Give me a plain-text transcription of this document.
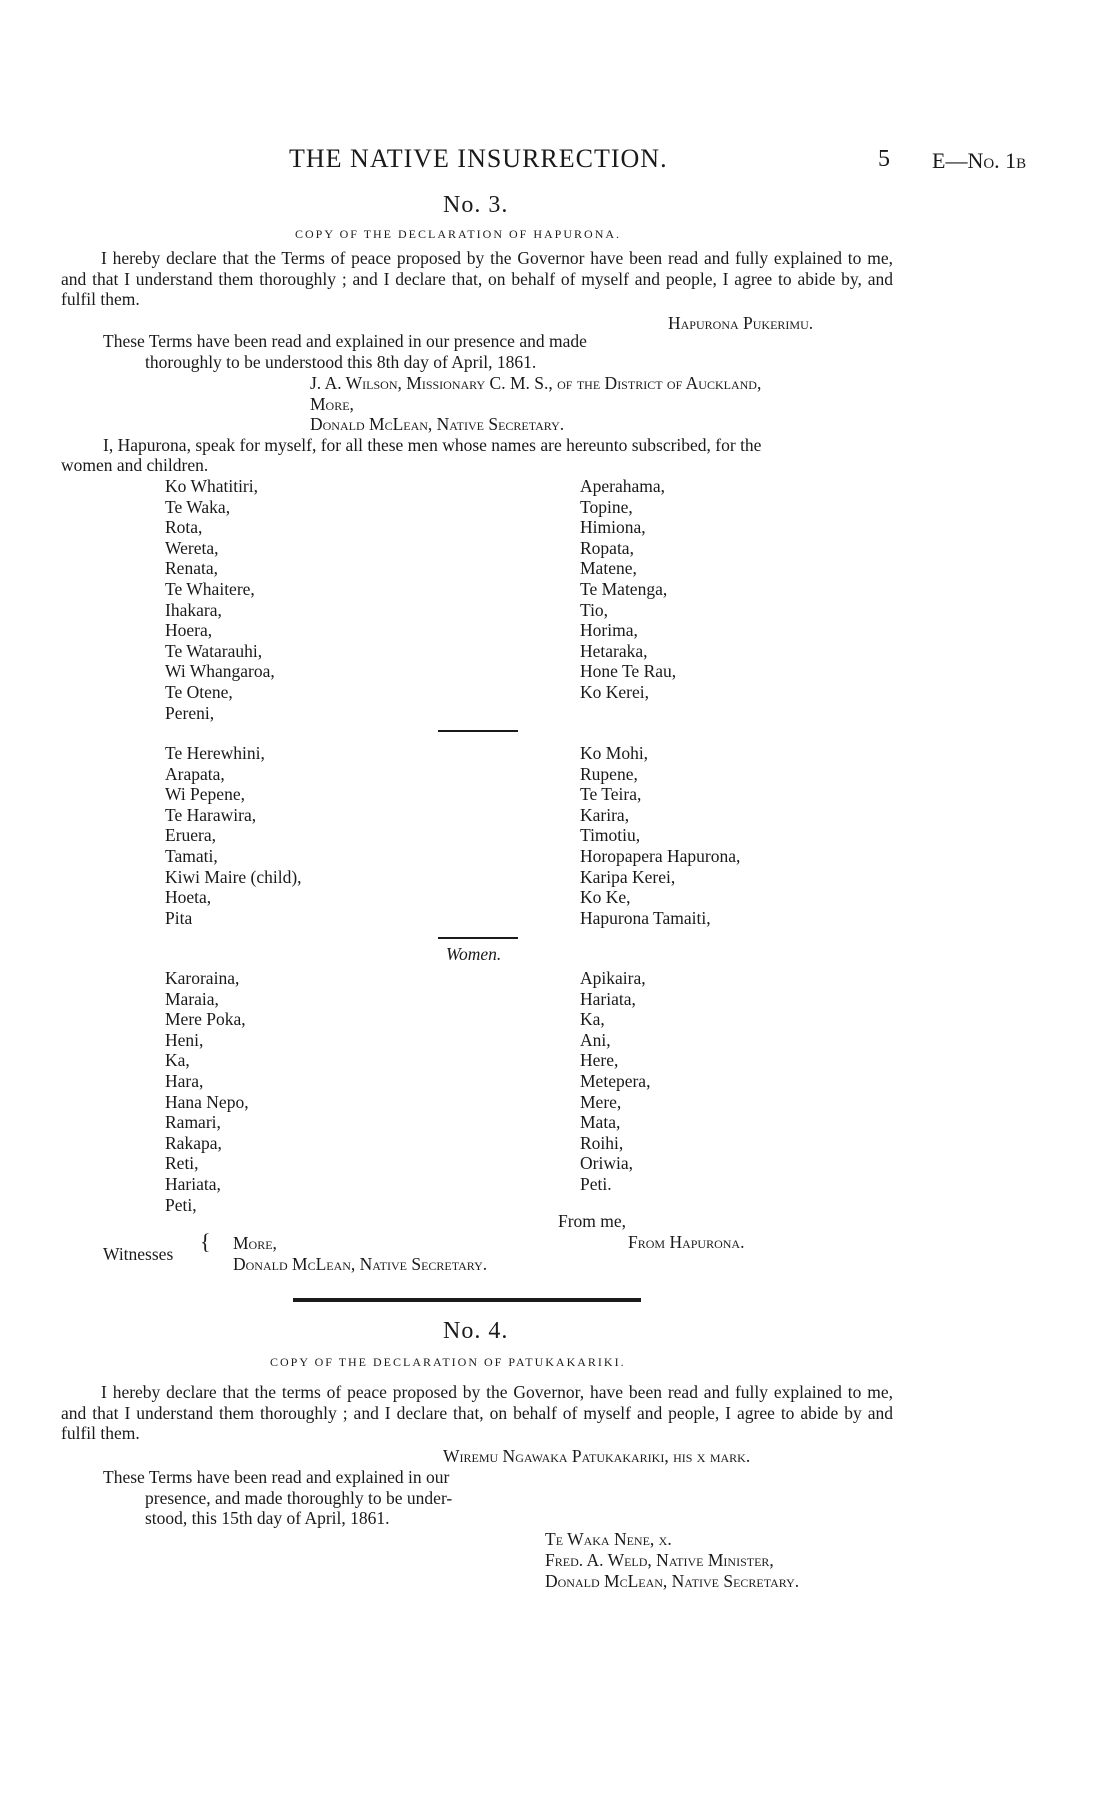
THE NATIVE INSURRECTION.	5 E—No. 1b
No. 3.
COPY OF THE DECLARATION OF HAPURONA.
I hereby declare that the Terms of peace proposed by the Governor have been read and fully explained to me, and that I understand them thoroughly ; and I declare that, on behalf of myself and people, I agree to abide by, and fulfil them.
Hapurona Pukerimu.
These Terms have been read and explained in our presence and made
thoroughly to be understood this 8th day of April, 1861.
J. A. Wilson, Missionary C. M. S., of the District of Auckland,
More,
Donald McLean, Native Secretary.
I, Hapurona, speak for myself, for all these men whose names are hereunto subscribed, for the
women and children.
Ko Whatitiri,
Te Waka,
Rota,
Wereta,
Renata,
Te Whaitere,
Ihakara,
Hoera,
Te Watarauhi,
Wi Whangaroa,
Te Otene,
Pereni,
Aperahama,
Topine,
Himiona,
Ropata,
Matene,
Te Matenga,
Tio,
Horima,
Hetaraka,
Hone Te Rau,
Ko Kerei,
Te Herewhini,
Arapata,
Wi Pepene,
Te Harawira,
Eruera,
Tamati,
Kiwi Maire (child),
Hoeta,
Pita
Ko Mohi,
Rupene,
Te Teira,
Karira,
Timotiu,
Horopapera Hapurona,
Karipa Kerei,
Ko Ke,
Hapurona Tamaiti,
Women.
Karoraina,
Maraia,
Mere Poka,
Heni,
Ka,
Hara,
Hana Nepo,
Ramari,
Rakapa,
Reti,
Hariata,
Peti,
Apikaira,
Hariata,
Ka,
Ani,
Here,
Metepera,
Mere,
Mata,
Roihi,
Oriwia,
Peti.
From me,
From Hapurona.
Witnesses { More,
Donald McLean, Native Secretary.
No. 4.
COPY OF THE DECLARATION OF PATUKAKARIKI.
I hereby declare that the terms of peace proposed by the Governor, have been read and fully explained to me, and that I understand them thoroughly ; and I declare that, on behalf of myself and people, I agree to abide by and fulfil them.
Wiremu Ngawaka Patukakariki, his x mark.
These Terms have been read and explained in our
presence, and made thoroughly to be under-
stood, this 15th day of April, 1861.
Te Waka Nene, x.
Fred. A. Weld, Native Minister,
Donald McLean, Native Secretary.
